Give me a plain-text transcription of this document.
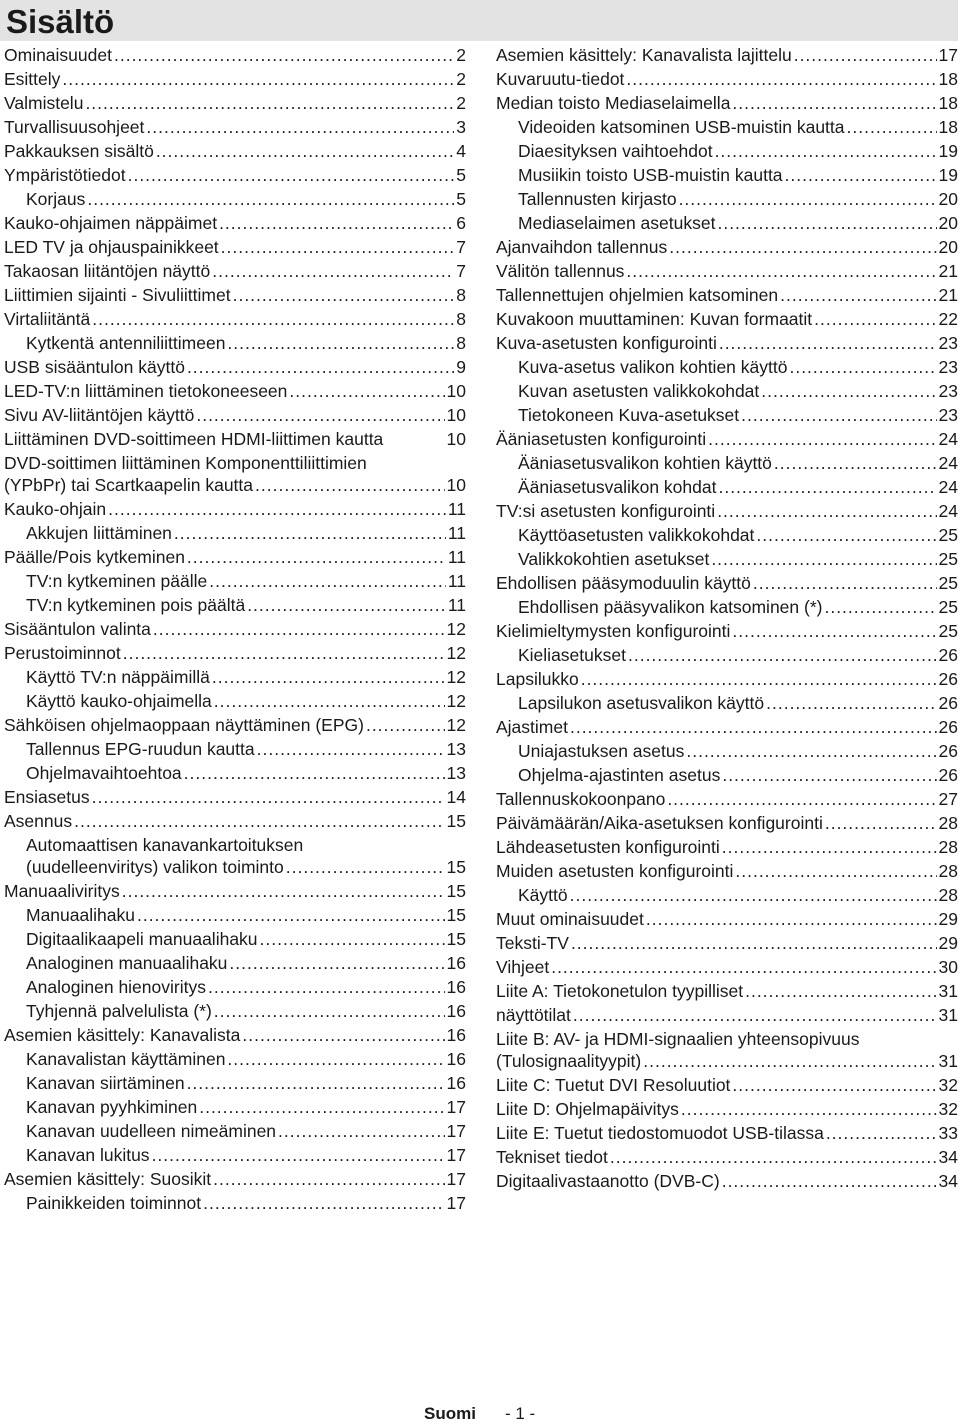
Sisältö
Ominaisuudet .....	2
Esittely .....	2
Valmistelu .....	2
Turvallisuusohjeet .....	3
Pakkauksen sisältö .....	4
Ympäristötiedot .....	5
Korjaus .....	5
Kauko-ohjaimen näppäimet .....	6
LED TV ja ohjauspainikkeet .....	7
Takaosan liitäntöjen näyttö .....	7
Liittimien sijainti - Sivuliittimet .....	8
Virtaliitäntä .....	8
Kytkentä antenniliittimeen .....	8
USB sisääntulon käyttö .....	9
LED-TV:n liittäminen tietokoneeseen .....	10
Sivu AV-liitäntöjen käyttö .....	10
Liittäminen DVD-soittimeen HDMI-liittimen kautta	10
DVD-soittimen liittäminen Komponenttiliittimien
(YPbPr) tai Scartkaapelin kautta .....	10
Kauko-ohjain .....	11
Akkujen liittäminen .....	11
Päälle/Pois kytkeminen .....	11
TV:n kytkeminen päälle .....	11
TV:n kytkeminen pois päältä .....	11
Sisääntulon valinta .....	12
Perustoiminnot .....	12
Käyttö TV:n näppäimillä .....	12
Käyttö kauko-ohjaimella .....	12
Sähköisen ohjelmaoppaan näyttäminen (EPG) .....	12
Tallennus EPG-ruudun kautta .....	13
Ohjelmavaihtoehtoa .....	13
Ensiasetus .....	14
Asennus .....	15
Automaattisen kanavankartoituksen
(uudelleenviritys) valikon toiminto .....	15
Manuaaliviritys .....	15
Manuaalihaku .....	15
Digitaalikaapeli manuaalihaku .....	15
Analoginen manuaalihaku .....	16
Analoginen hienoviritys .....	16
Tyhjennä palvelulista (*) .....	16
Asemien käsittely: Kanavalista .....	16
Kanavalistan käyttäminen .....	16
Kanavan siirtäminen .....	16
Kanavan pyyhkiminen .....	17
Kanavan uudelleen nimeäminen .....	17
Kanavan lukitus .....	17
Asemien käsittely: Suosikit .....	17
Painikkeiden toiminnot .....	17
Asemien käsittely: Kanavalista lajittelu .....	17
Kuvaruutu-tiedot .....	18
Median toisto Mediaselaimella .....	18
Videoiden katsominen USB-muistin kautta .....	18
Diaesityksen vaihtoehdot .....	19
Musiikin toisto USB-muistin kautta .....	19
Tallennusten kirjasto .....	20
Mediaselaimen asetukset .....	20
Ajanvaihdon tallennus .....	20
Välitön tallennus .....	21
Tallennettujen ohjelmien katsominen .....	21
Kuvakoon muuttaminen: Kuvan formaatit .....	22
Kuva-asetusten konfigurointi .....	23
Kuva-asetus valikon kohtien käyttö .....	23
Kuvan asetusten valikkokohdat .....	23
Tietokoneen Kuva-asetukset .....	23
Ääniasetusten konfigurointi .....	24
Ääniasetusvalikon kohtien käyttö .....	24
Ääniasetusvalikon kohdat .....	24
TV:si asetusten konfigurointi .....	24
Käyttöasetusten valikkokohdat .....	25
Valikkokohtien asetukset .....	25
Ehdollisen pääsymoduulin käyttö .....	25
Ehdollisen pääsyvalikon katsominen (*) .....	25
Kielimieltymysten konfigurointi .....	25
Kieliasetukset .....	26
Lapsilukko .....	26
Lapsilukon asetusvalikon käyttö .....	26
Ajastimet .....	26
Uniajastuksen asetus .....	26
Ohjelma-ajastinten asetus .....	26
Tallennuskokoonpano .....	27
Päivämäärän/Aika-asetuksen konfigurointi .....	28
Lähdeasetusten konfigurointi .....	28
Muiden asetusten konfigurointi .....	28
Käyttö .....	28
Muut ominaisuudet .....	29
Teksti-TV .....	29
Vihjeet .....	30
Liite A: Tietokonetulon tyypilliset .....	31
näyttötilat .....	31
Liite B: AV- ja HDMI-signaalien yhteensopivuus
(Tulosignaalityypit) .....	31
Liite C: Tuetut DVI Resoluutiot .....	32
Liite D: Ohjelmapäivitys .....	32
Liite E: Tuetut tiedostomuodot USB-tilassa .....	33
Tekniset tiedot .....	34
Digitaalivastaanotto (DVB-C) .....	34
Suomi - 1 -
